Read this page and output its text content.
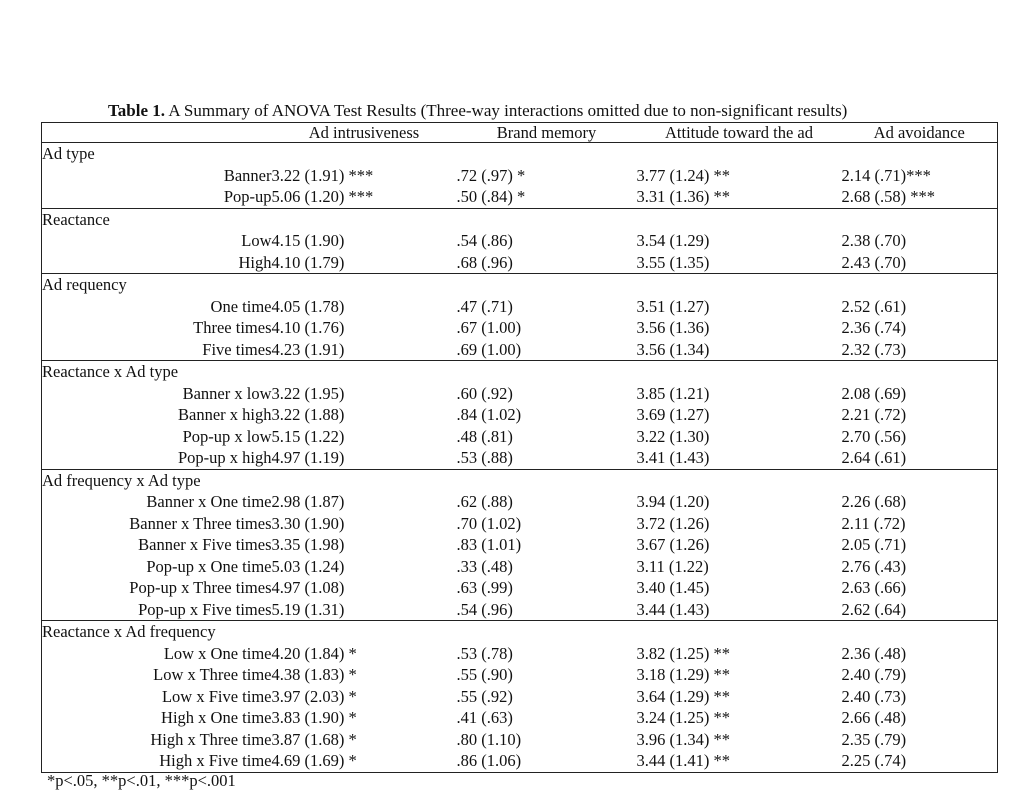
Table 1. A Summary of ANOVA Test Results (Three-way interactions omitted due to non-significant results)
	Ad intrusiveness	Brand memory	Attitude toward the ad	Ad avoidance
Ad type				
Banner	3.22 (1.91) ***	.72 (.97) *	3.77 (1.24) **	2.14 (.71)***
Pop-up	5.06 (1.20) ***	.50 (.84) *	3.31 (1.36) **	2.68 (.58) ***
Reactance				
Low	4.15 (1.90)	.54 (.86)	3.54 (1.29)	2.38 (.70)
High	4.10 (1.79)	.68 (.96)	3.55 (1.35)	2.43 (.70)
Ad requency				
One time	4.05 (1.78)	.47 (.71)	3.51 (1.27)	2.52 (.61)
Three times	4.10 (1.76)	.67 (1.00)	3.56 (1.36)	2.36 (.74)
Five times	4.23 (1.91)	.69 (1.00)	3.56 (1.34)	2.32 (.73)
Reactance x Ad type				
Banner x low	3.22 (1.95)	.60 (.92)	3.85 (1.21)	2.08 (.69)
Banner x high	3.22 (1.88)	.84 (1.02)	3.69 (1.27)	2.21 (.72)
Pop-up x low	5.15 (1.22)	.48 (.81)	3.22 (1.30)	2.70 (.56)
Pop-up x high	4.97 (1.19)	.53 (.88)	3.41 (1.43)	2.64 (.61)
Ad frequency x Ad type				
Banner x One time	2.98 (1.87)	.62 (.88)	3.94 (1.20)	2.26 (.68)
Banner x Three times	3.30 (1.90)	.70 (1.02)	3.72 (1.26)	2.11 (.72)
Banner x Five times	3.35 (1.98)	.83 (1.01)	3.67 (1.26)	2.05 (.71)
Pop-up x One time	5.03 (1.24)	.33 (.48)	3.11 (1.22)	2.76 (.43)
Pop-up x Three times	4.97 (1.08)	.63 (.99)	3.40 (1.45)	2.63 (.66)
Pop-up x Five times	5.19 (1.31)	.54 (.96)	3.44 (1.43)	2.62 (.64)
Reactance x Ad frequency				
Low x One time	4.20 (1.84) *	.53 (.78)	3.82 (1.25) **	2.36 (.48)
Low x Three time	4.38 (1.83) *	.55 (.90)	3.18 (1.29) **	2.40 (.79)
Low x Five time	3.97 (2.03) *	.55 (.92)	3.64 (1.29) **	2.40 (.73)
High x One time	3.83 (1.90) *	.41 (.63)	3.24 (1.25) **	2.66 (.48)
High x Three time	3.87 (1.68) *	.80 (1.10)	3.96 (1.34) **	2.35 (.79)
High x Five time	4.69 (1.69) *	.86 (1.06)	3.44 (1.41) **	2.25 (.74)
*p<.05, **p<.01, ***p<.001
